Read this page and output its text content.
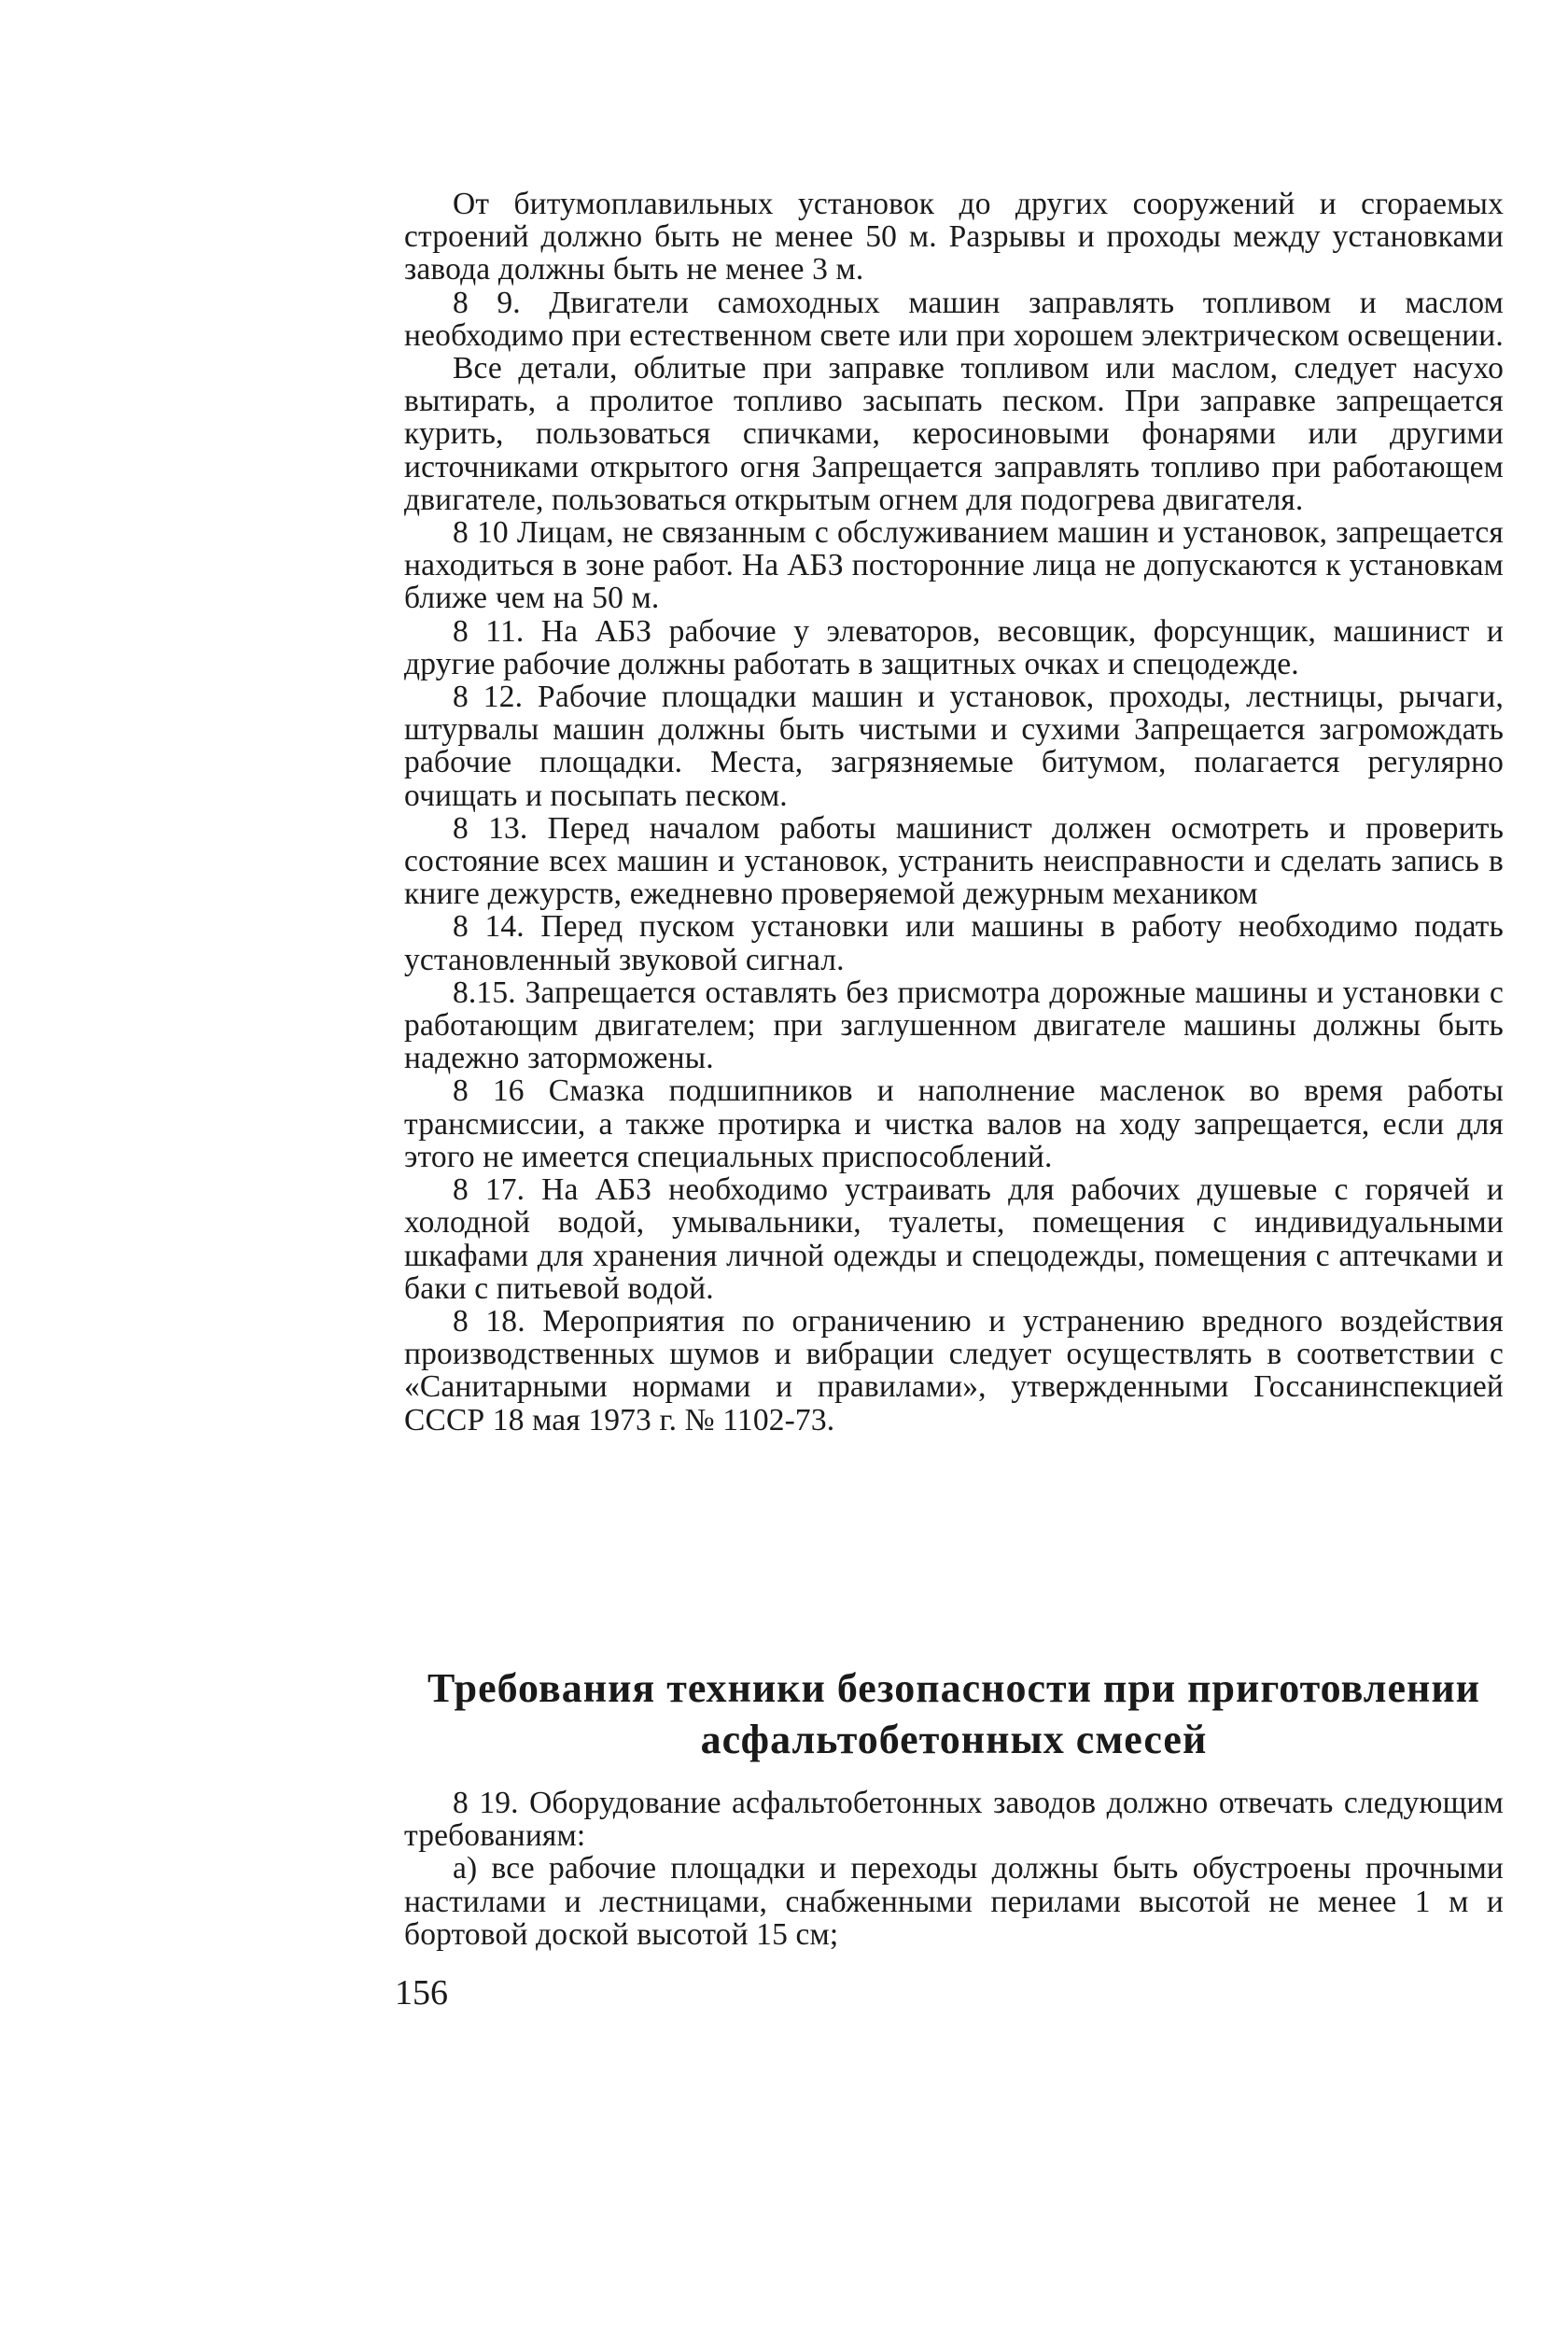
От битумоплавильных установок до других сооружений и сгораемых строений должно быть не менее 50 м. Разрывы и проходы между установками завода должны быть не менее 3 м.

8 9. Двигатели самоходных машин заправлять топливом и маслом необходимо при естественном свете или при хорошем электрическом освещении.

Все детали, облитые при заправке топливом или маслом, следует насухо вытирать, а пролитое топливо засыпать песком. При заправке запрещается курить, пользоваться спичками, керосиновыми фонарями или другими источниками открытого огня Запрещается заправлять топливо при работающем двигателе, пользоваться открытым огнем для подогрева двигателя.

8 10 Лицам, не связанным с обслуживанием машин и установок, запрещается находиться в зоне работ. На АБЗ посторонние лица не допускаются к установкам ближе чем на 50 м.

8 11. На АБЗ рабочие у элеваторов, весовщик, форсунщик, машинист и другие рабочие должны работать в защитных очках и спецодежде.

8 12. Рабочие площадки машин и установок, проходы, лестницы, рычаги, штурвалы машин должны быть чистыми и сухими Запрещается загромождать рабочие площадки. Места, загрязняемые битумом, полагается регулярно очищать и посыпать песком.

8 13. Перед началом работы машинист должен осмотреть и проверить состояние всех машин и установок, устранить неисправности и сделать запись в книге дежурств, ежедневно проверяемой дежурным механиком

8 14. Перед пуском установки или машины в работу необходимо подать установленный звуковой сигнал.

8.15. Запрещается оставлять без присмотра дорожные машины и установки с работающим двигателем; при заглушенном двигателе машины должны быть надежно заторможены.

8 16 Смазка подшипников и наполнение масленок во время работы трансмиссии, а также протирка и чистка валов на ходу запрещается, если для этого не имеется специальных приспособлений.

8 17. На АБЗ необходимо устраивать для рабочих душевые с горячей и холодной водой, умывальники, туалеты, помещения с индивидуальными шкафами для хранения личной одежды и спецодежды, помещения с аптечками и баки с питьевой водой.

8 18. Мероприятия по ограничению и устранению вредного воздействия производственных шумов и вибрации следует осуществлять в соответствии с «Санитарными нормами и правилами», утвержденными Госсанинспекцией СССР 18 мая 1973 г. № 1102-73.

Требования техники безопасности при приготовлении асфальтобетонных смесей

8 19. Оборудование асфальтобетонных заводов должно отвечать следующим требованиям:

а) все рабочие площадки и переходы должны быть обустроены прочными настилами и лестницами, снабженными перилами высотой не менее 1 м и бортовой доской высотой 15 см;

156
